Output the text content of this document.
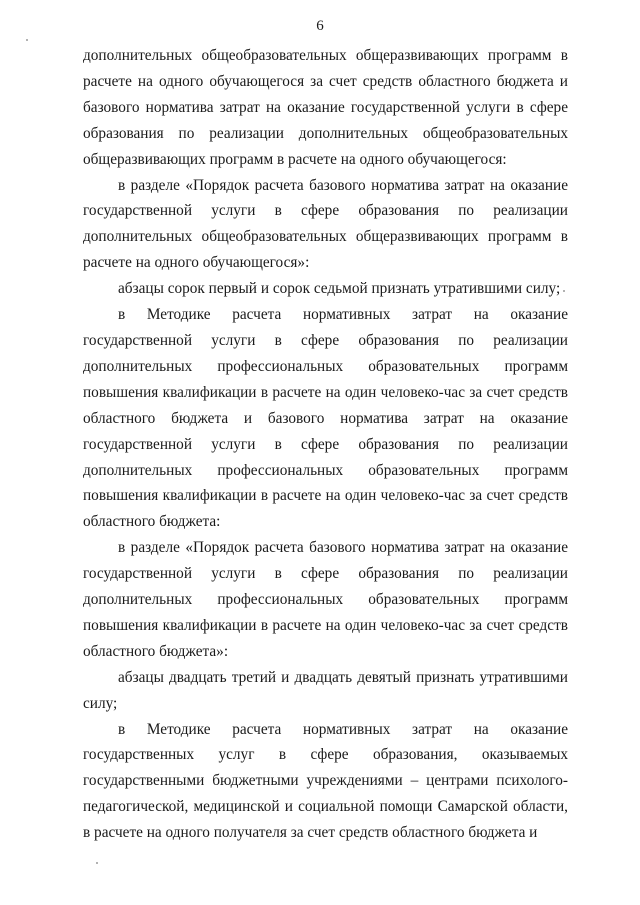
6

дополнительных общеобразовательных общеразвивающих программ в расчете на одного обучающегося за счет средств областного бюджета и базового норматива затрат на оказание государственной услуги в сфере образования по реализации дополнительных общеобразовательных общеразвивающих программ в расчете на одного обучающегося:

в разделе «Порядок расчета базового норматива затрат на оказание государственной услуги в сфере образования по реализации дополнительных общеобразовательных общеразвивающих программ в расчете на одного обучающегося»:

абзацы сорок первый и сорок седьмой признать утратившими силу;

в Методике расчета нормативных затрат на оказание государственной услуги в сфере образования по реализации дополнительных профессиональных образовательных программ повышения квалификации в расчете на один человеко-час за счет средств областного бюджета и базового норматива затрат на оказание государственной услуги в сфере образования по реализации дополнительных профессиональных образовательных программ повышения квалификации в расчете на один человеко-час за счет средств областного бюджета:

в разделе «Порядок расчета базового норматива затрат на оказание государственной услуги в сфере образования по реализации дополнительных профессиональных образовательных программ повышения квалификации в расчете на один человеко-час за счет средств областного бюджета»:

абзацы двадцать третий и двадцать девятый признать утратившими силу;

в Методике расчета нормативных затрат на оказание государственных услуг в сфере образования, оказываемых государственными бюджетными учреждениями – центрами психолого-педагогической, медицинской и социальной помощи Самарской области, в расчете на одного получателя за счет средств областного бюджета и
